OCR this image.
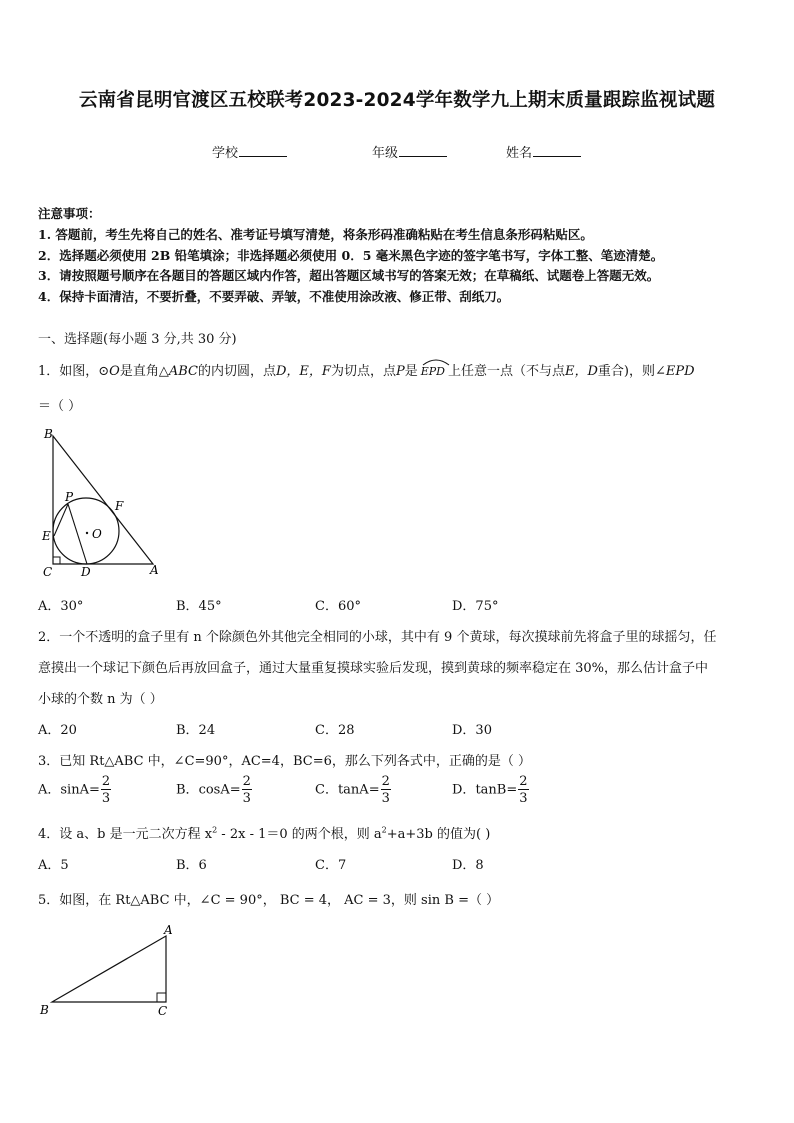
云南省昆明官渡区五校联考2023-2024学年数学九上期末质量跟踪监视试题
学校	年级	姓名
注意事项：
1. 答题前，考生先将自己的姓名、准考证号填写清楚，将条形码准确粘贴在考生信息条形码粘贴区。
2．选择题必须使用 2B 铅笔填涂；非选择题必须使用 0．5 毫米黑色字迹的签字笔书写，字体工整、笔迹清楚。
3．请按照题号顺序在各题目的答题区域内作答，超出答题区域书写的答案无效；在草稿纸、试题卷上答题无效。
4．保持卡面清洁，不要折叠，不要弄破、弄皱，不准使用涂改液、修正带、刮纸刀。
一、选择题(每小题 3 分,共 30 分)
1．如图，⊙O是直角△ABC的内切圆，点D，E，F为切点，点P是 EPD 上任意一点（不与点E，D重合)，则∠EPD
＝（ ）
B
P
F
E	O
C D	A
A．30°	B．45°	C．60°	D．75°
2．一个不透明的盒子里有 n 个除颜色外其他完全相同的小球，其中有 9 个黄球，每次摸球前先将盒子里的球摇匀，任
意摸出一个球记下颜色后再放回盒子，通过大量重复摸球实验后发现，摸到黄球的频率稳定在 30%，那么估计盒子中
小球的个数 n 为（ ）
A．20	B．24	C．28	D．30
3．已知 Rt△ABC 中，∠C=90°，AC=4，BC=6，那么下列各式中，正确的是（ ）
A．$\sin A= \frac{2}{3}$	B．$\cos A= \frac{2}{3}$	C．$\tan A= \frac{2}{3}$	D．$\tan B= \frac{2}{3}$
4．设 a、b 是一元二次方程 $x^2 - 2x - 1=0$ 的两个根，则 $a^2+a+3b$ 的值为( )
A．5	B．6	C．7	D．8
5．如图，在 Rt△ABC 中，∠C = 90°， BC = 4， AC = 3，则 sin B =（ ）
A
B	C
